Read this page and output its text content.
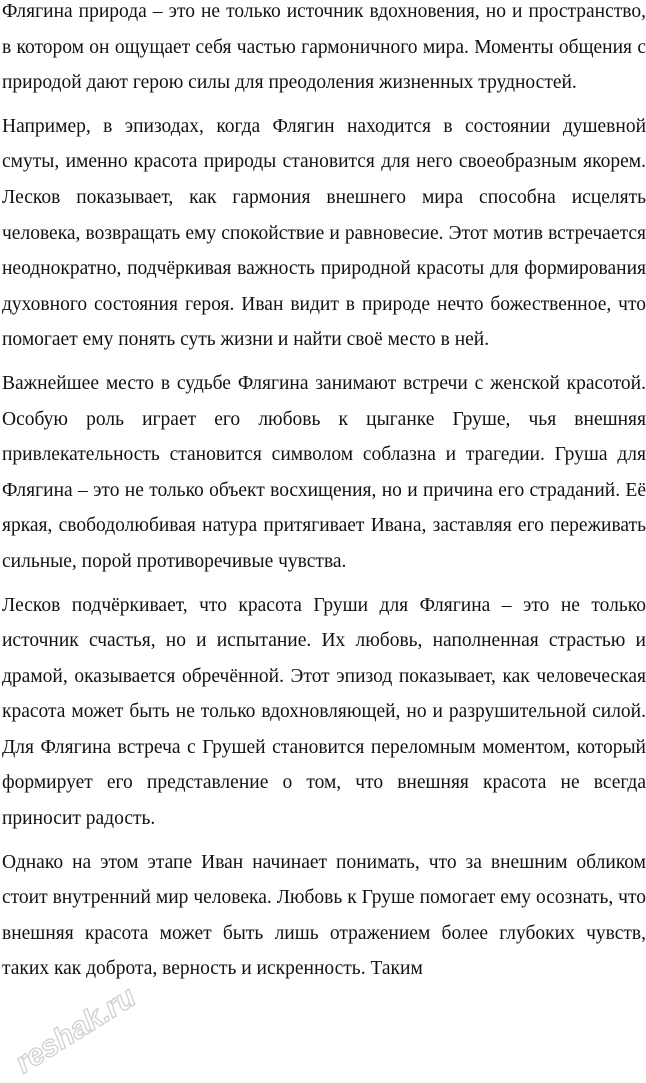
Флягина природа – это не только источник вдохновения, но и пространство, в котором он ощущает себя частью гармоничного мира. Моменты общения с природой дают герою силы для преодоления жизненных трудностей.

Например, в эпизодах, когда Флягин находится в состоянии душевной смуты, именно красота природы становится для него своеобразным якорем. Лесков показывает, как гармония внешнего мира способна исцелять человека, возвращать ему спокойствие и равновесие. Этот мотив встречается неоднократно, подчёркивая важность природной красоты для формирования духовного состояния героя. Иван видит в природе нечто божественное, что помогает ему понять суть жизни и найти своё место в ней.

Важнейшее место в судьбе Флягина занимают встречи с женской красотой. Особую роль играет его любовь к цыганке Груше, чья внешняя привлекательность становится символом соблазна и трагедии. Груша для Флягина – это не только объект восхищения, но и причина его страданий. Её яркая, свободолюбивая натура притягивает Ивана, заставляя его переживать сильные, порой противоречивые чувства.

Лесков подчёркивает, что красота Груши для Флягина – это не только источник счастья, но и испытание. Их любовь, наполненная страстью и драмой, оказывается обречённой. Этот эпизод показывает, как человеческая красота может быть не только вдохновляющей, но и разрушительной силой. Для Флягина встреча с Грушей становится переломным моментом, который формирует его представление о том, что внешняя красота не всегда приносит радость.

Однако на этом этапе Иван начинает понимать, что за внешним обликом стоит внутренний мир человека. Любовь к Груше помогает ему осознать, что внешняя красота может быть лишь отражением более глубоких чувств, таких как доброта, верность и искренность. Таким

reshak.ru
